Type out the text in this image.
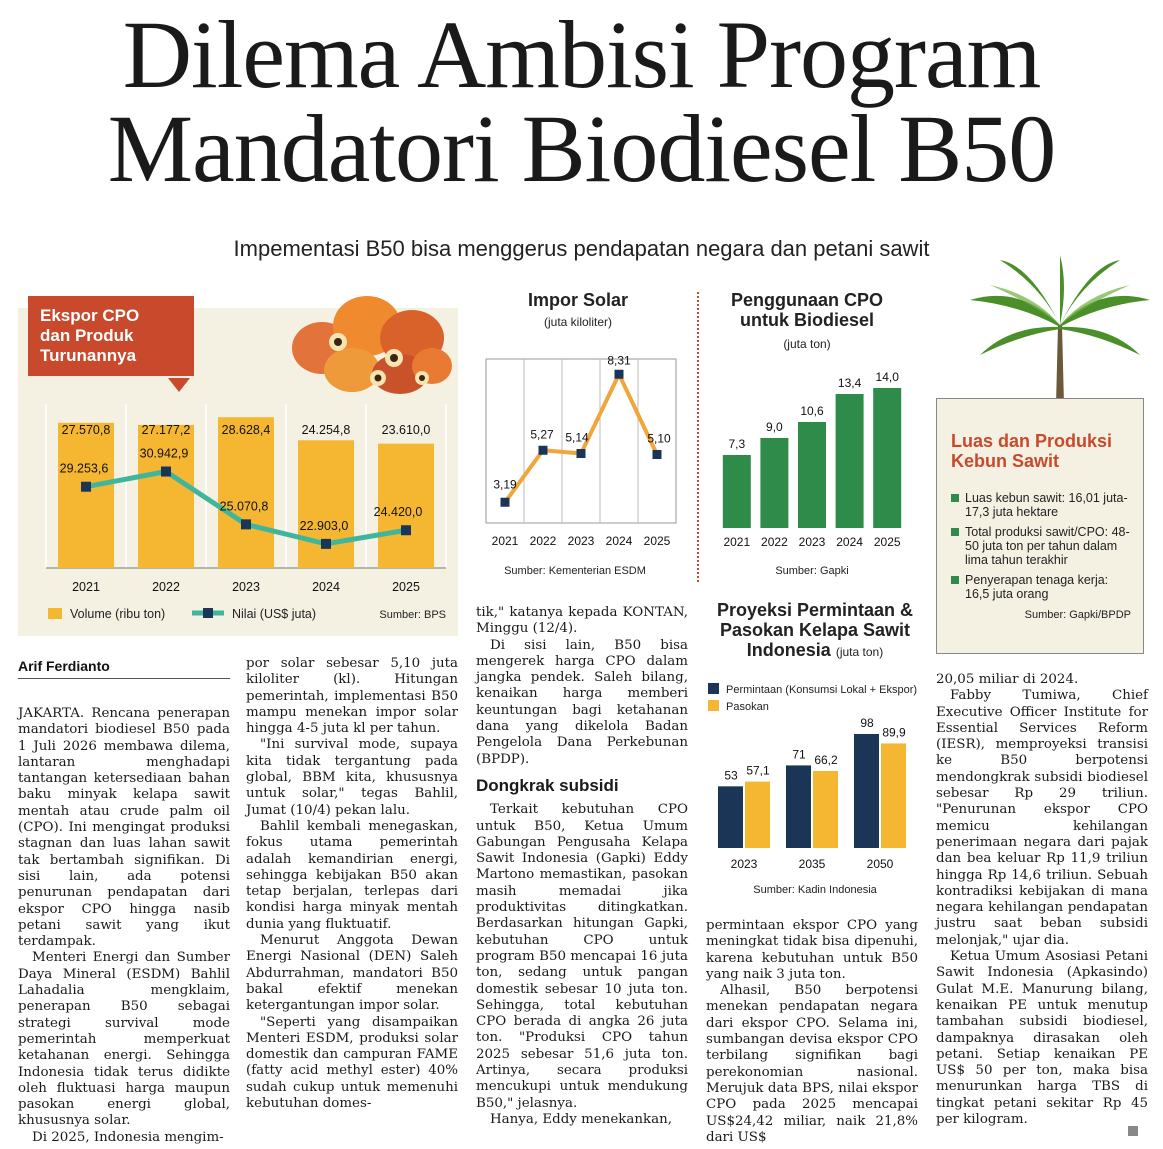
Dilema Ambisi Program
Mandatori Biodiesel B50
Impementasi B50 bisa menggerus pendapatan negara dan petani sawit
Ekspor CPO
dan Produk
Turunannya
27.570,8
2021
27.177,2
2022
28.628,4
2023
24.254,8
2024
23.610,0
2025
29.253,6
30.942,9
25.070,8
22.903,0
24.420,0
Volume (ribu ton)	Nilai (US$ juta)	Sumber: BPS
Impor Solar
(juta kiloliter)
3,19
2021
5,27
2022
5,14
2023
8,31
2024
5,10
2025
Sumber: Kementerian ESDM
Penggunaan CPO
untuk Biodiesel
(juta ton)
7,3
2021
9,0
2022
10,6
2023
13,4
2024
14,0
2025
Sumber: Gapki
Luas dan Produksi
Kebun Sawit
Luas kebun sawit: 16,01 juta-17,3 juta hektare
Total produksi sawit/CPO: 48-50 juta ton per tahun dalam lima tahun terakhir
Penyerapan tenaga kerja: 16,5 juta orang
Sumber: Gapki/BPDP
Proyeksi Permintaan &
Pasokan Kelapa Sawit
Indonesia (juta ton)
Permintaan (Konsumsi Lokal + Ekspor)
Pasokan
53 57,1
2023
71 66,2
2035
98
89,9
2050
Arif Ferdianto

JAKARTA. Rencana penerapan mandatori biodiesel B50 pada 1 Juli 2026 membawa dilema, lantaran menghadapi tantangan ketersediaan bahan baku minyak kelapa sawit mentah atau crude palm oil (CPO). Ini mengingat produksi stagnan dan luas lahan sawit tak bertambah signifikan. Di sisi lain, ada potensi penurunan pendapatan dari ekspor CPO hingga nasib petani sawit yang ikut terdampak.

Menteri Energi dan Sumber Daya Mineral (ESDM) Bahlil Lahadalia mengklaim, penerapan B50 sebagai strategi survival mode pemerintah memperkuat ketahanan energi. Sehingga Indonesia tidak terus didikte oleh fluktuasi harga maupun pasokan energi global, khususnya solar.

Di 2025, Indonesia mengim-

por solar sebesar 5,10 juta kiloliter (kl). Hitungan pemerintah, implementasi B50 mampu menekan impor solar hingga 4-5 juta kl per tahun.

"Ini survival mode, supaya kita tidak tergantung pada global, BBM kita, khususnya untuk solar," tegas Bahlil, Jumat (10/4) pekan lalu.

Bahlil kembali menegaskan, fokus utama pemerintah adalah kemandirian energi, sehingga kebijakan B50 akan tetap berjalan, terlepas dari kondisi harga minyak mentah dunia yang fluktuatif.

Menurut Anggota Dewan Energi Nasional (DEN) Saleh Abdurrahman, mandatori B50 bakal efektif menekan ketergantungan impor solar.

"Seperti yang disampaikan Menteri ESDM, produksi solar domestik dan campuran FAME (fatty acid methyl ester) 40% sudah cukup untuk memenuhi kebutuhan domes-

tik," katanya kepada KONTAN, Minggu (12/4).

Di sisi lain, B50 bisa mengerek harga CPO dalam jangka pendek. Saleh bilang, kenaikan harga memberi keuntungan bagi ketahanan dana yang dikelola Badan Pengelola Dana Perkebunan (BPDP).

Dongkrak subsidi

Terkait kebutuhan CPO untuk B50, Ketua Umum Gabungan Pengusaha Kelapa Sawit Indonesia (Gapki) Eddy Martono memastikan, pasokan masih memadai jika produktivitas ditingkatkan. Berdasarkan hitungan Gapki, kebutuhan CPO untuk program B50 mencapai 16 juta ton, sedang untuk pangan domestik sebesar 10 juta ton. Sehingga, total kebutuhan CPO berada di angka 26 juta ton. "Produksi CPO tahun 2025 sebesar 51,6 juta ton. Artinya, secara produksi mencukupi untuk mendukung B50," jelasnya.

Hanya, Eddy menekankan,

Sumber: Kadin Indonesia

permintaan ekspor CPO yang meningkat tidak bisa dipenuhi, karena kebutuhan untuk B50 yang naik 3 juta ton.

Alhasil, B50 berpotensi menekan pendapatan negara dari ekspor CPO. Selama ini, sumbangan devisa ekspor CPO terbilang signifikan bagi perekonomian nasional. Merujuk data BPS, nilai ekspor CPO pada 2025 mencapai US$24,42 miliar, naik 21,8% dari US$

20,05 miliar di 2024.

Fabby Tumiwa, Chief Executive Officer Institute for Essential Services Reform (IESR), memproyeksi transisi ke B50 berpotensi mendongkrak subsidi biodiesel sebesar Rp 29 triliun. "Penurunan ekspor CPO memicu kehilangan penerimaan negara dari pajak dan bea keluar Rp 11,9 triliun hingga Rp 14,6 triliun. Sebuah kontradiksi kebijakan di mana negara kehilangan pendapatan justru saat beban subsidi melonjak," ujar dia.

Ketua Umum Asosiasi Petani Sawit Indonesia (Apkasindo) Gulat M.E. Manurung bilang, kenaikan PE untuk menutup tambahan subsidi biodiesel, dampaknya dirasakan oleh petani. Setiap kenaikan PE US$ 50 per ton, maka bisa menurunkan harga TBS di tingkat petani sekitar Rp 45 per kilogram.
